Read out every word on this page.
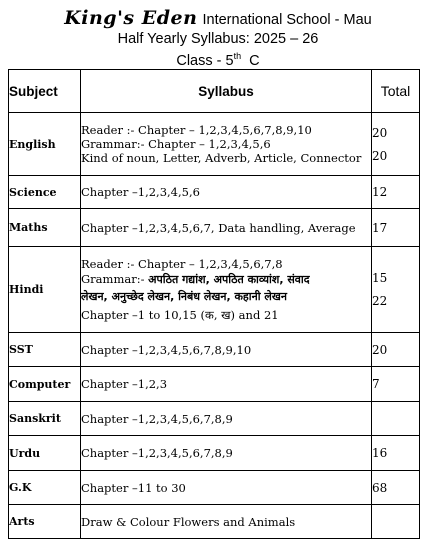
King's Eden International School - Mau
Half Yearly Syllabus: 2025 – 26
Class - 5th C
Subject	Syllabus	Total
English	Reader :- Chapter – 1,2,3,4,5,6,7,8,9,10
Grammar:- Chapter – 1,2,3,4,5,6
Kind of noun, Letter, Adverb, Article, Connector	20
20

Science	Chapter –1,2,3,4,5,6	12
Maths	Chapter –1,2,3,4,5,6,7, Data handling, Average	17
Hindi	Reader :- Chapter – 1,2,3,4,5,6,7,8
Grammar:- अपठित गद्यांश, अपठित काव्यांश, संवाद
लेखन, अनुच्छेद लेखन, निबंध लेखन, कहानी लेखन
Chapter –1 to 10,15 (क, ख) and 21	15
22

SST	Chapter –1,2,3,4,5,6,7,8,9,10	20
Computer	Chapter –1,2,3	7
Sanskrit	Chapter –1,2,3,4,5,6,7,8,9	
Urdu	Chapter –1,2,3,4,5,6,7,8,9	16
G.K	Chapter –11 to 30	68
Arts	Draw & Colour Flowers and Animals	
